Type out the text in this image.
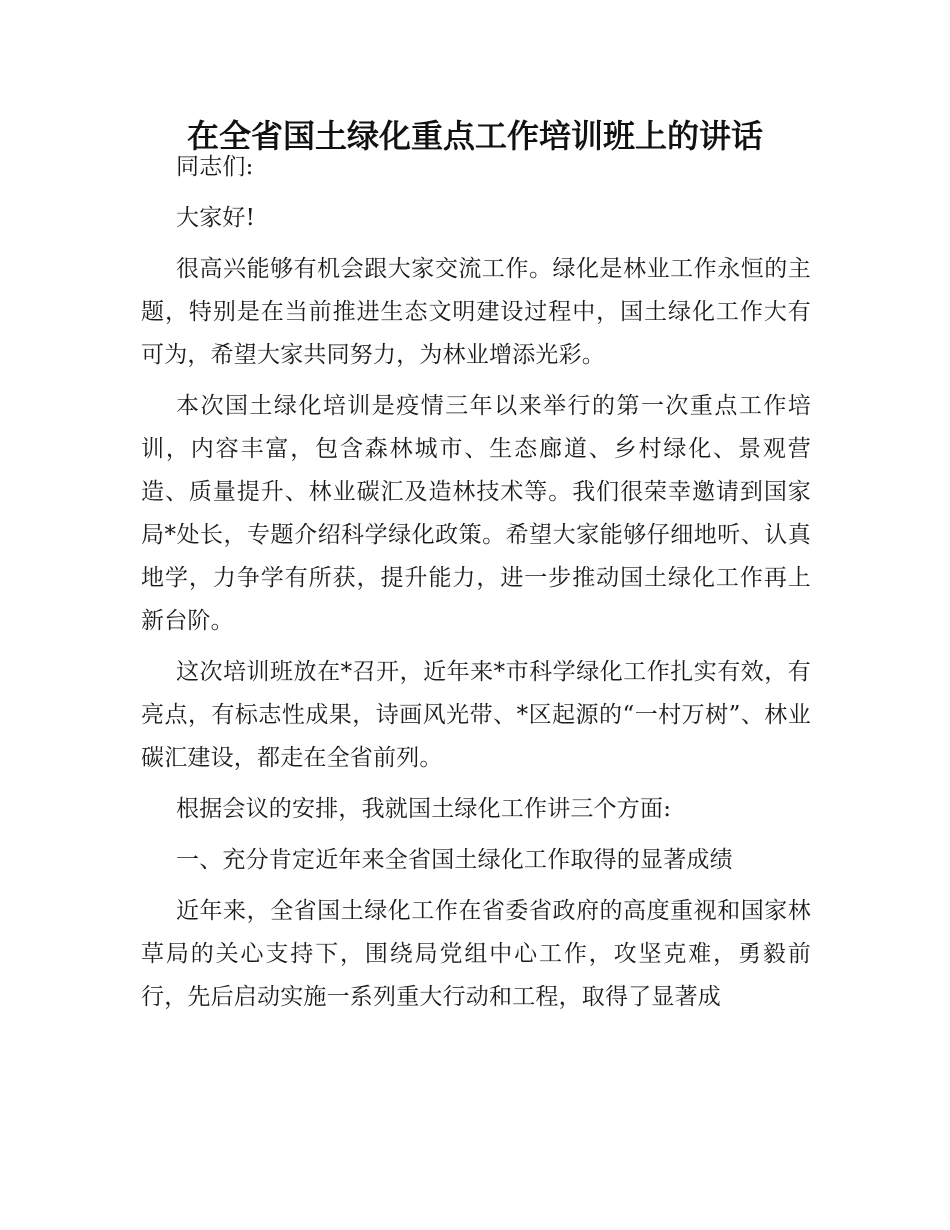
在全省国土绿化重点工作培训班上的讲话

同志们:

大家好!

很高兴能够有机会跟大家交流工作。绿化是林业工作永恒的主题，特别是在当前推进生态文明建设过程中，国土绿化工作大有可为，希望大家共同努力，为林业增添光彩。

本次国土绿化培训是疫情三年以来举行的第一次重点工作培训，内容丰富，包含森林城市、生态廊道、乡村绿化、景观营造、质量提升、林业碳汇及造林技术等。我们很荣幸邀请到国家局*处长，专题介绍科学绿化政策。希望大家能够仔细地听、认真地学，力争学有所获，提升能力，进一步推动国土绿化工作再上新台阶。

这次培训班放在*召开，近年来*市科学绿化工作扎实有效，有亮点，有标志性成果，诗画风光带、*区起源的“一村万树”、林业碳汇建设，都走在全省前列。

根据会议的安排，我就国土绿化工作讲三个方面:

一、充分肯定近年来全省国土绿化工作取得的显著成绩

近年来，全省国土绿化工作在省委省政府的高度重视和国家林草局的关心支持下，围绕局党组中心工作，攻坚克难，勇毅前行，先后启动实施一系列重大行动和工程，取得了显著成
